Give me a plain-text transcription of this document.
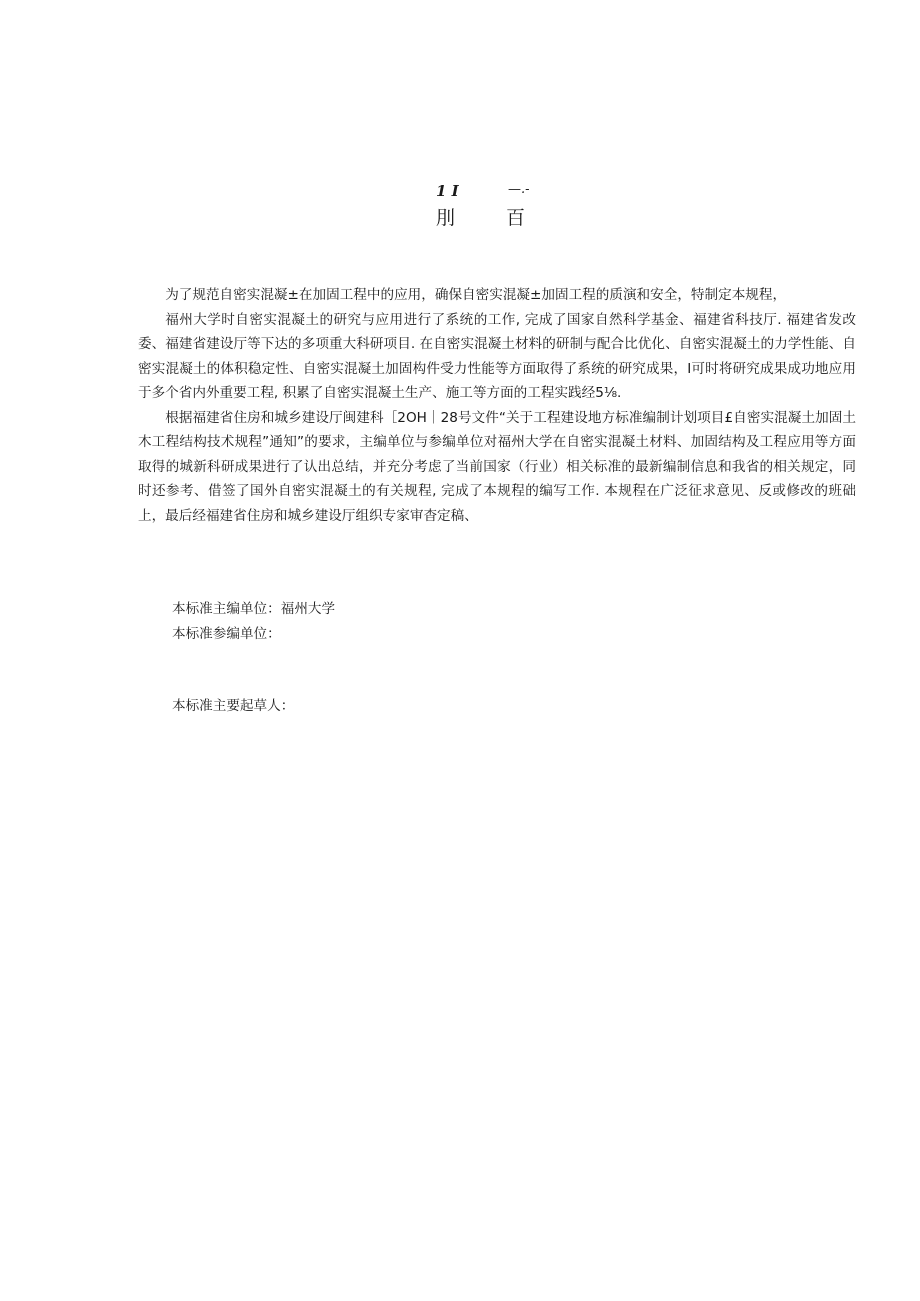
1 I	—.-
刖	百

为了规范自密实混凝±在加固工程中的应用，确保自密实混凝±加固工程的质演和安全，特制定本规程，

福州大学时自密实混凝土的研究与应用进行了系统的工作, 完成了国家自然科学基金、福建省科技厅. 福建省发改委、福建省建设厅等下达的多项重大科研项目. 在自密实混凝土材料的研制与配合比优化、自密实混凝土的力学性能、自密实混凝土的体积稳定性、自密实混凝土加固构件受力性能等方面取得了系统的研究成果，I可时将研究成果成功地应用于多个省内外重要工程, 积累了自密实混凝土生产、施工等方面的工程实践经5⅛.

根据福建省住房和城乡建设厅闽建科［2OH｜28号文件“关于工程建设地方标准编制计划项目£自密实混凝土加固土木工程结构技术规程”通知”的要求，主编单位与参编单位对福州大学在自密实混凝土材料、加固结构及工程应用等方面取得的城新科研成果进行了认出总结，并充分考虑了当前国家（行业）相关标准的最新编制信息和我省的相关规定，同时还参考、借签了国外自密实混凝土的有关规程, 完成了本规程的编写工作. 本规程在广泛征求意见、反或修改的班础上，最后经福建省住房和城乡建设厅组织专家审杳定稿、

本标准主编单位：福州大学
本标准参编单位：
本标准主要起草人：
